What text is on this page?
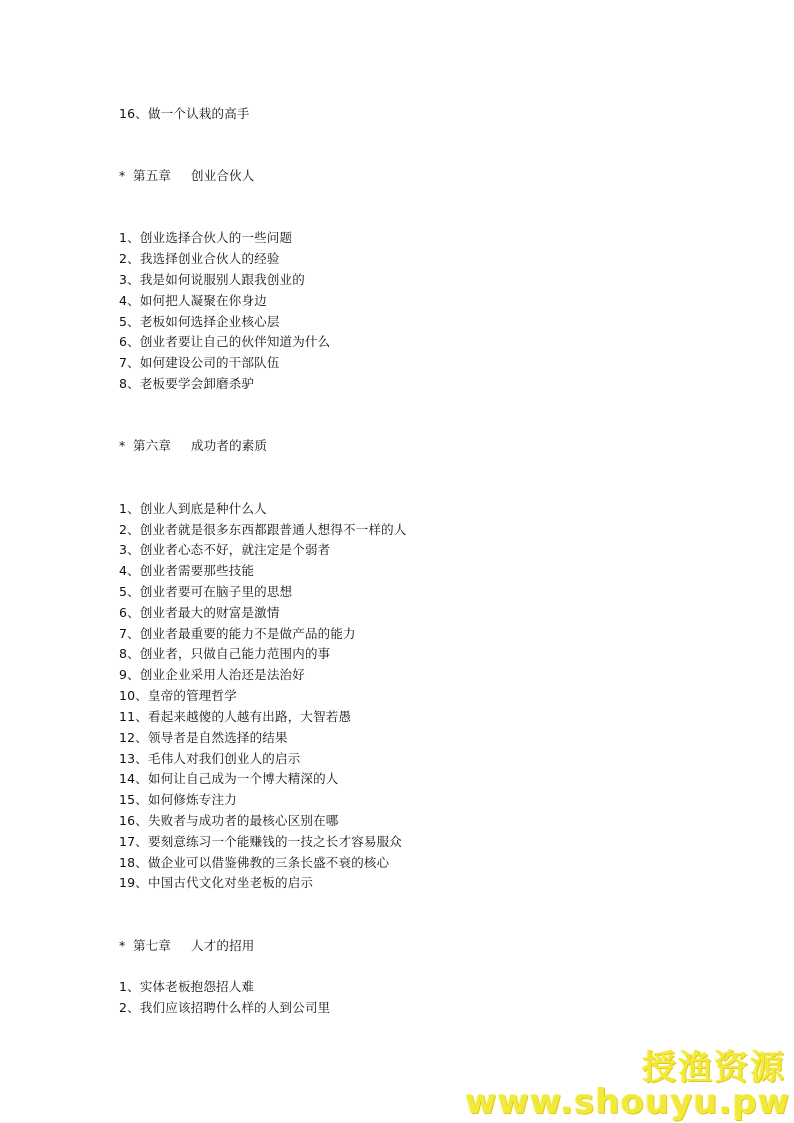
16、做一个认栽的高手
* 第五章 创业合伙人
1、创业选择合伙人的一些问题
2、我选择创业合伙人的经验
3、我是如何说服别人跟我创业的
4、如何把人凝聚在你身边
5、老板如何选择企业核心层
6、创业者要让自己的伙伴知道为什么
7、如何建设公司的干部队伍
8、老板要学会卸磨杀驴
* 第六章 成功者的素质
1、创业人到底是种什么人
2、创业者就是很多东西都跟普通人想得不一样的人
3、创业者心态不好，就注定是个弱者
4、创业者需要那些技能
5、创业者要可在脑子里的思想
6、创业者最大的财富是激情
7、创业者最重要的能力不是做产品的能力
8、创业者，只做自己能力范围内的事
9、创业企业采用人治还是法治好
10、皇帝的管理哲学
11、看起来越傻的人越有出路，大智若愚
12、领导者是自然选择的结果
13、毛伟人对我们创业人的启示
14、如何让自己成为一个博大精深的人
15、如何修炼专注力
16、失败者与成功者的最核心区别在哪
17、要刻意练习一个能赚钱的一技之长才容易服众
18、做企业可以借鉴佛教的三条长盛不衰的核心
19、中国古代文化对坐老板的启示
* 第七章 人才的招用
1、实体老板抱怨招人难
2、我们应该招聘什么样的人到公司里
授渔资源
www.shouyu.pw
